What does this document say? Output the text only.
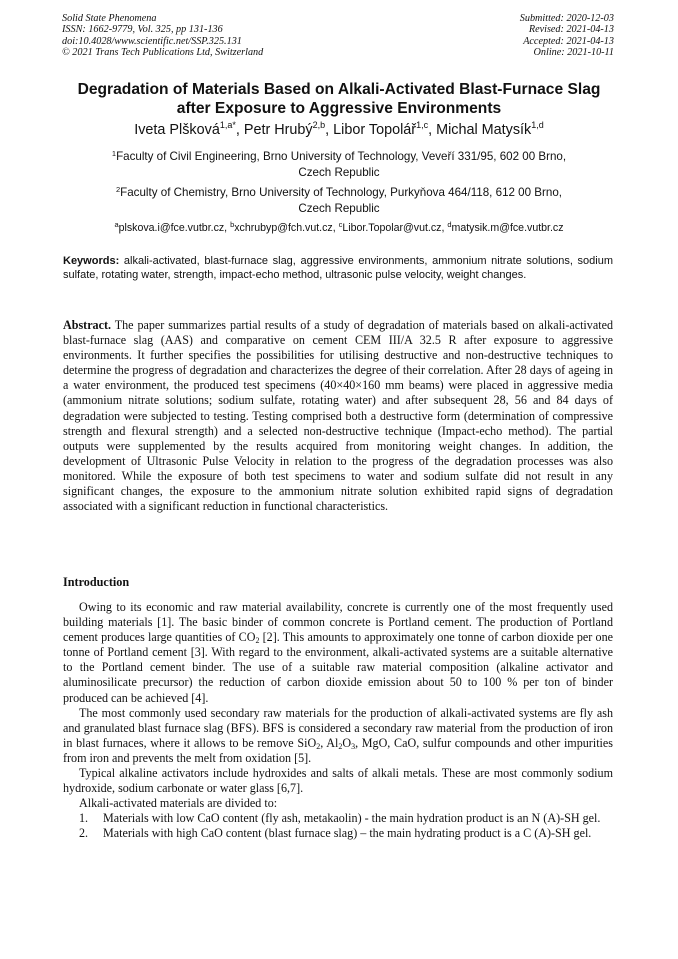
Solid State Phenomena
ISSN: 1662-9779, Vol. 325, pp 131-136
doi:10.4028/www.scientific.net/SSP.325.131
© 2021 Trans Tech Publications Ltd, Switzerland
Submitted: 2020-12-03
Revised: 2021-04-13
Accepted: 2021-04-13
Online: 2021-10-11
Degradation of Materials Based on Alkali-Activated Blast-Furnace Slag
after Exposure to Aggressive Environments
Iveta Plšková$^{1,a*}$, Petr Hrubý$^{2,b}$, Libor Topolář$^{1,c}$, Michal Matysík$^{1,d}$
$^1$Faculty of Civil Engineering, Brno University of Technology, Veveří 331/95, 602 00 Brno,
Czech Republic
$^2$Faculty of Chemistry, Brno University of Technology, Purkyňova 464/118, 612 00 Brno,
Czech Republic
$^a$plskova.i@fce.vutbr.cz, $^b$xchrubyp@fch.vut.cz, $^c$Libor.Topolar@vut.cz, $^d$matysik.m@fce.vutbr.cz
Keywords: alkali-activated, blast-furnace slag, aggressive environments, ammonium nitrate solutions, sodium sulfate, rotating water, strength, impact-echo method, ultrasonic pulse velocity, weight changes.
Abstract. The paper summarizes partial results of a study of degradation of materials based on alkali-activated blast-furnace slag (AAS) and comparative on cement CEM III/A 32.5 R after exposure to aggressive environments. It further specifies the possibilities for utilising destructive and non-destructive techniques to determine the progress of degradation and characterizes the degree of their correlation. After 28 days of ageing in a water environment, the produced test specimens (40×40×160 mm beams) were placed in aggressive media (ammonium nitrate solutions; sodium sulfate, rotating water) and after subsequent 28, 56 and 84 days of degradation were subjected to testing. Testing comprised both a destructive form (determination of compressive strength and flexural strength) and a selected non-destructive technique (Impact-echo method). The partial outputs were supplemented by the results acquired from monitoring weight changes. In addition, the development of Ultrasonic Pulse Velocity in relation to the progress of the degradation processes was also monitored. While the exposure of both test specimens to water and sodium sulfate did not result in any significant changes, the exposure to the ammonium nitrate solution exhibited rapid signs of degradation associated with a significant reduction in functional characteristics.
Introduction

Owing to its economic and raw material availability, concrete is currently one of the most frequently used building materials [1]. The basic binder of common concrete is Portland cement. The production of Portland cement produces large quantities of $CO_2$ [2]. This amounts to approximately one tonne of carbon dioxide per one tonne of Portland cement [3]. With regard to the environment, alkali-activated systems are a suitable alternative to the Portland cement binder. The use of a suitable raw material composition (alkaline activator and aluminosilicate precursor) the reduction of carbon dioxide emission about 50 to 100 % per ton of binder produced can be achieved [4].

The most commonly used secondary raw materials for the production of alkali-activated systems are fly ash and granulated blast furnace slag (BFS). BFS is considered a secondary raw material from the production of iron in blast furnaces, where it allows to be remove SiO$_2$, $Al_2O_3$, MgO, CaO, sulfur compounds and other impurities from iron and prevents the melt from oxidation [5].

Typical alkaline activators include hydroxides and salts of alkali metals. These are most commonly sodium hydroxide, sodium carbonate or water glass [6,7].

Alkali-activated materials are divided to:

1. Materials with low CaO content (fly ash, metakaolin) - the main hydration product is an N (A)-SH gel.
2. Materials with high CaO content (blast furnace slag) – the main hydrating product is a C (A)-SH gel.
